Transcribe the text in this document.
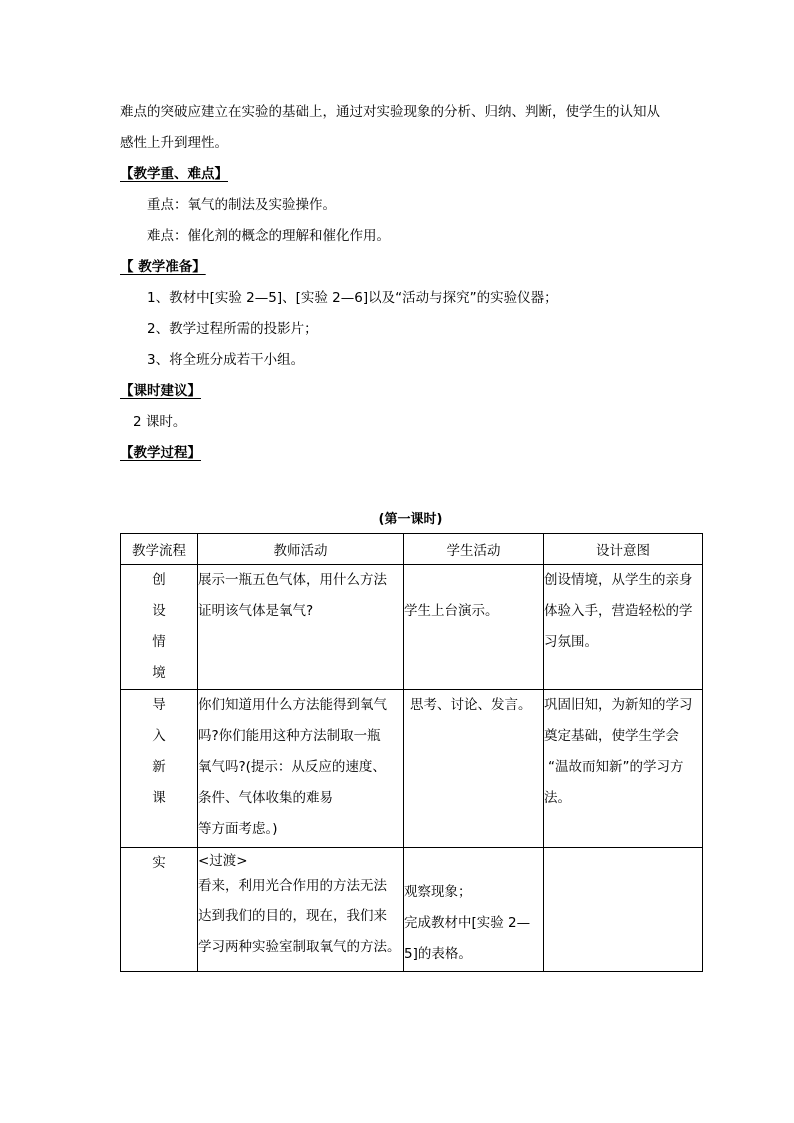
难点的突破应建立在实验的基础上，通过对实验现象的分析、归纳、判断，使学生的认知从
感性上升到理性。
【教学重、难点】
重点：氧气的制法及实验操作。
难点：催化剂的概念的理解和催化作用。
【 教学准备】
1、教材中[实验 2—5]、[实验 2—6]以及“活动与探究”的实验仪器；
2、教学过程所需的投影片；
3、将全班分成若干小组。
【课时建议】
2 课时。
【教学过程】
(第一课时)
教学流程	教师活动	学生活动	设计意图

创
设
情
境	展示一瓶五色气体，用什么方法
证明该气体是氧气?	学生上台演示。	创设情境，从学生的亲身
体验入手，营造轻松的学
习氛围。

导
入
新
课	你们知道用什么方法能得到氧气
吗?你们能用这种方法制取一瓶
氧气吗?(提示：从反应的速度、
条件、气体收集的难易
等方面考虑。)	思考、讨论、发言。	巩固旧知，为新知的学习
奠定基础，使学生学会
“温故而知新”的学习方
法。

实	<过渡>
看来，利用光合作用的方法无法
达到我们的目的，现在，我们来
学习两种实验室制取氧气的方法。	观察现象；
完成教材中[实验 2—
5]的表格。	
